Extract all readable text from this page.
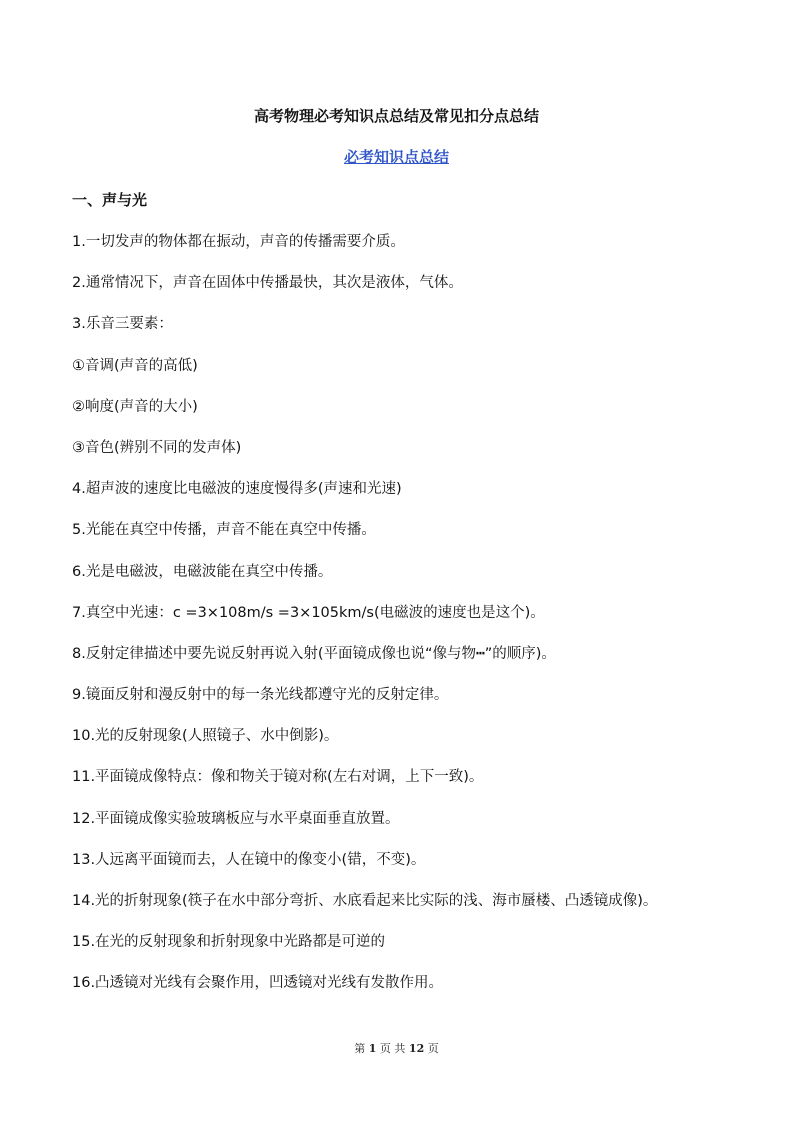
高考物理必考知识点总结及常见扣分点总结
必考知识点总结
一、声与光
1.一切发声的物体都在振动，声音的传播需要介质。
2.通常情况下，声音在固体中传播最快，其次是液体，气体。
3.乐音三要素：
①音调(声音的高低)
②响度(声音的大小)
③音色(辨别不同的发声体)
4.超声波的速度比电磁波的速度慢得多(声速和光速)
5.光能在真空中传播，声音不能在真空中传播。
6.光是电磁波，电磁波能在真空中传播。
7.真空中光速：c =3×108m/s =3×105km/s(电磁波的速度也是这个)。
8.反射定律描述中要先说反射再说入射(平面镜成像也说“像与物┅”的顺序)。
9.镜面反射和漫反射中的每一条光线都遵守光的反射定律。
10.光的反射现象(人照镜子、水中倒影)。
11.平面镜成像特点：像和物关于镜对称(左右对调，上下一致)。
12.平面镜成像实验玻璃板应与水平桌面垂直放置。
13.人远离平面镜而去，人在镜中的像变小(错，不变)。
14.光的折射现象(筷子在水中部分弯折、水底看起来比实际的浅、海市蜃楼、凸透镜成像)。
15.在光的反射现象和折射现象中光路都是可逆的
16.凸透镜对光线有会聚作用，凹透镜对光线有发散作用。
第 1 页 共 12 页
